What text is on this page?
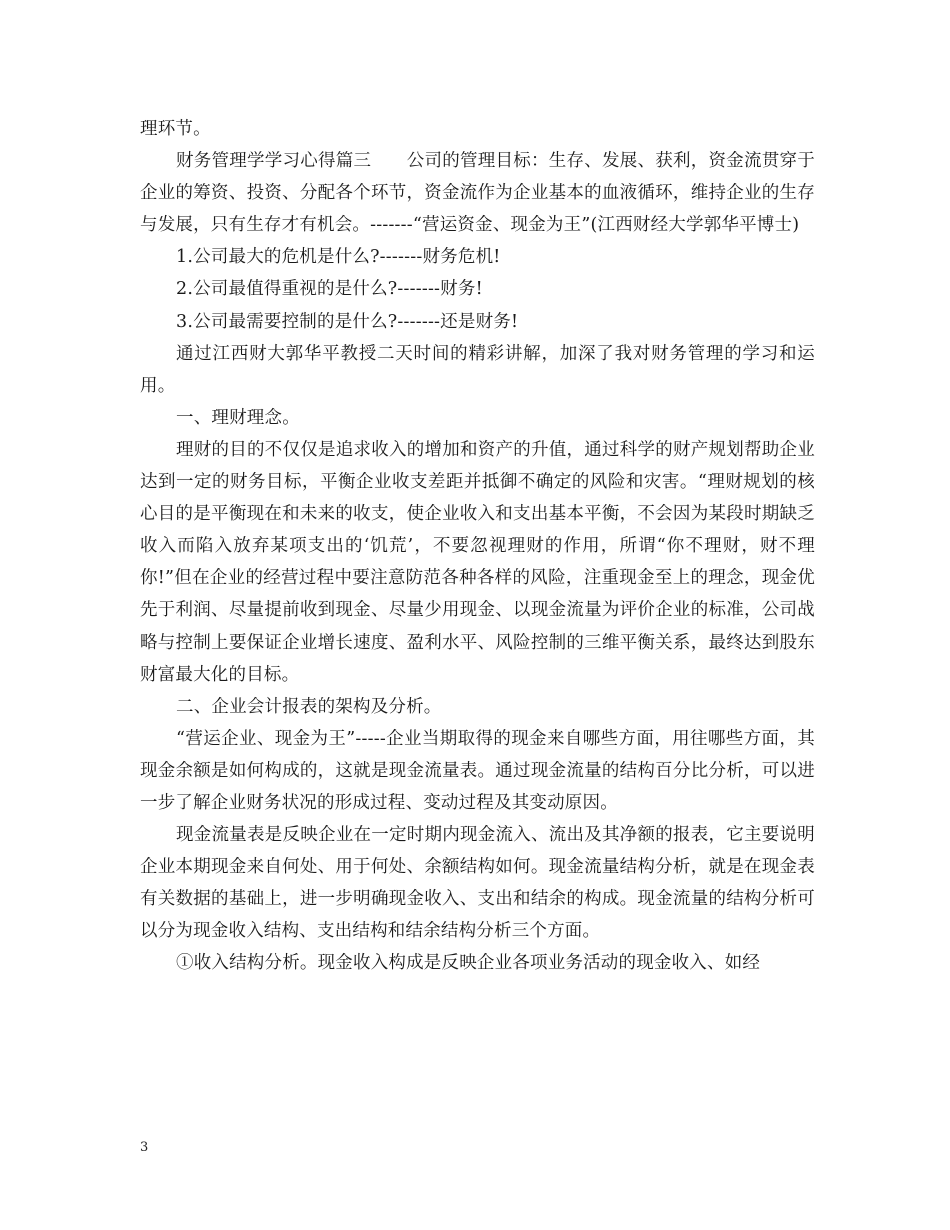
理环节。

财务管理学学习心得篇三　　公司的管理目标：生存、发展、获利，资金流贯穿于企业的筹资、投资、分配各个环节，资金流作为企业基本的血液循环，维持企业的生存与发展，只有生存才有机会。-------“营运资金、现金为王”(江西财经大学郭华平博士)

1.公司最大的危机是什么?-------财务危机!

2.公司最值得重视的是什么?-------财务!

3.公司最需要控制的是什么?-------还是财务!

通过江西财大郭华平教授二天时间的精彩讲解，加深了我对财务管理的学习和运用。

一、理财理念。

理财的目的不仅仅是追求收入的增加和资产的升值，通过科学的财产规划帮助企业达到一定的财务目标，平衡企业收支差距并抵御不确定的风险和灾害。“理财规划的核心目的是平衡现在和未来的收支，使企业收入和支出基本平衡，不会因为某段时期缺乏收入而陷入放弃某项支出的‘饥荒’，不要忽视理财的作用，所谓“你不理财，财不理你!”但在企业的经营过程中要注意防范各种各样的风险，注重现金至上的理念，现金优先于利润、尽量提前收到现金、尽量少用现金、以现金流量为评价企业的标准，公司战略与控制上要保证企业增长速度、盈利水平、风险控制的三维平衡关系，最终达到股东财富最大化的目标。

二、企业会计报表的架构及分析。

“营运企业、现金为王”-----企业当期取得的现金来自哪些方面，用往哪些方面，其现金余额是如何构成的，这就是现金流量表。通过现金流量的结构百分比分析，可以进一步了解企业财务状况的形成过程、变动过程及其变动原因。

现金流量表是反映企业在一定时期内现金流入、流出及其净额的报表，它主要说明企业本期现金来自何处、用于何处、余额结构如何。现金流量结构分析，就是在现金表有关数据的基础上，进一步明确现金收入、支出和结余的构成。现金流量的结构分析可以分为现金收入结构、支出结构和结余结构分析三个方面。

①收入结构分析。现金收入构成是反映企业各项业务活动的现金收入、如经

3
